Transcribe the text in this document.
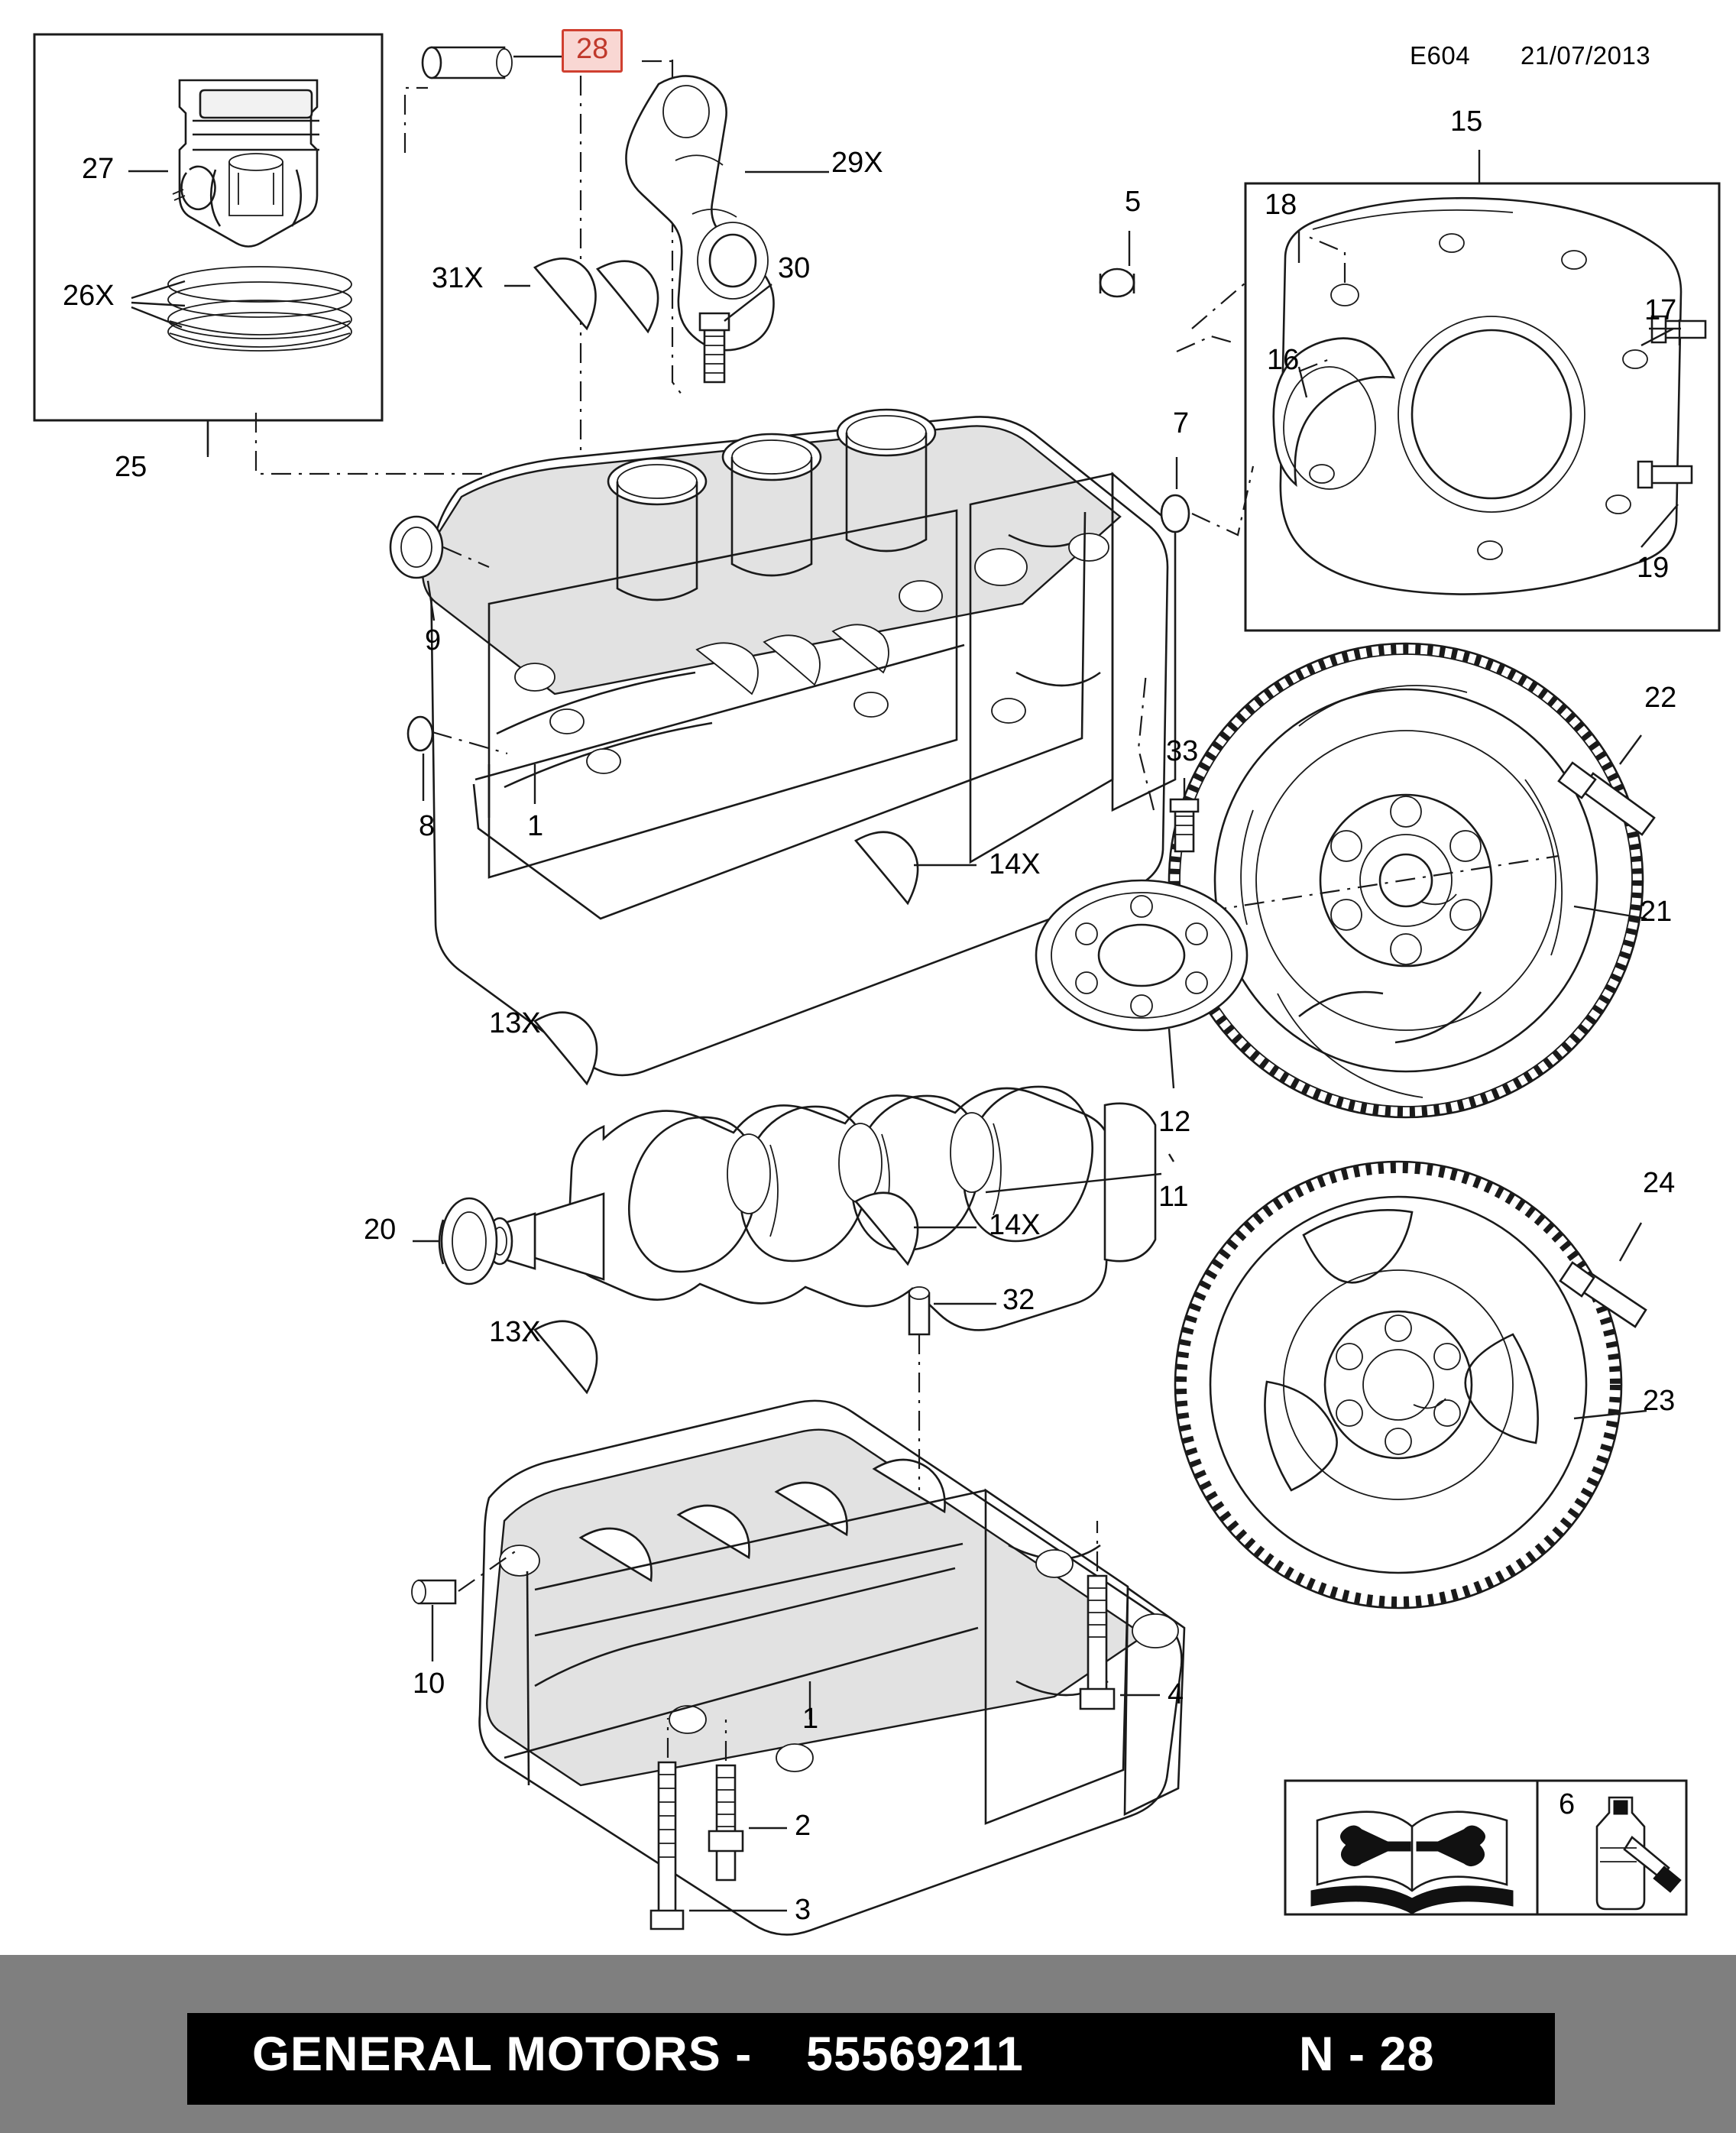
E604 21/07/2013
27
26X
25
28
31X
29X
30
5
7
9
8	1
15
18
16
17
19
22
21
33
14X
13X
12
11
20	14X
13X
32
24
23
10
1
4
2
3
6
GENERAL MOTORS - 55569211	N - 28
